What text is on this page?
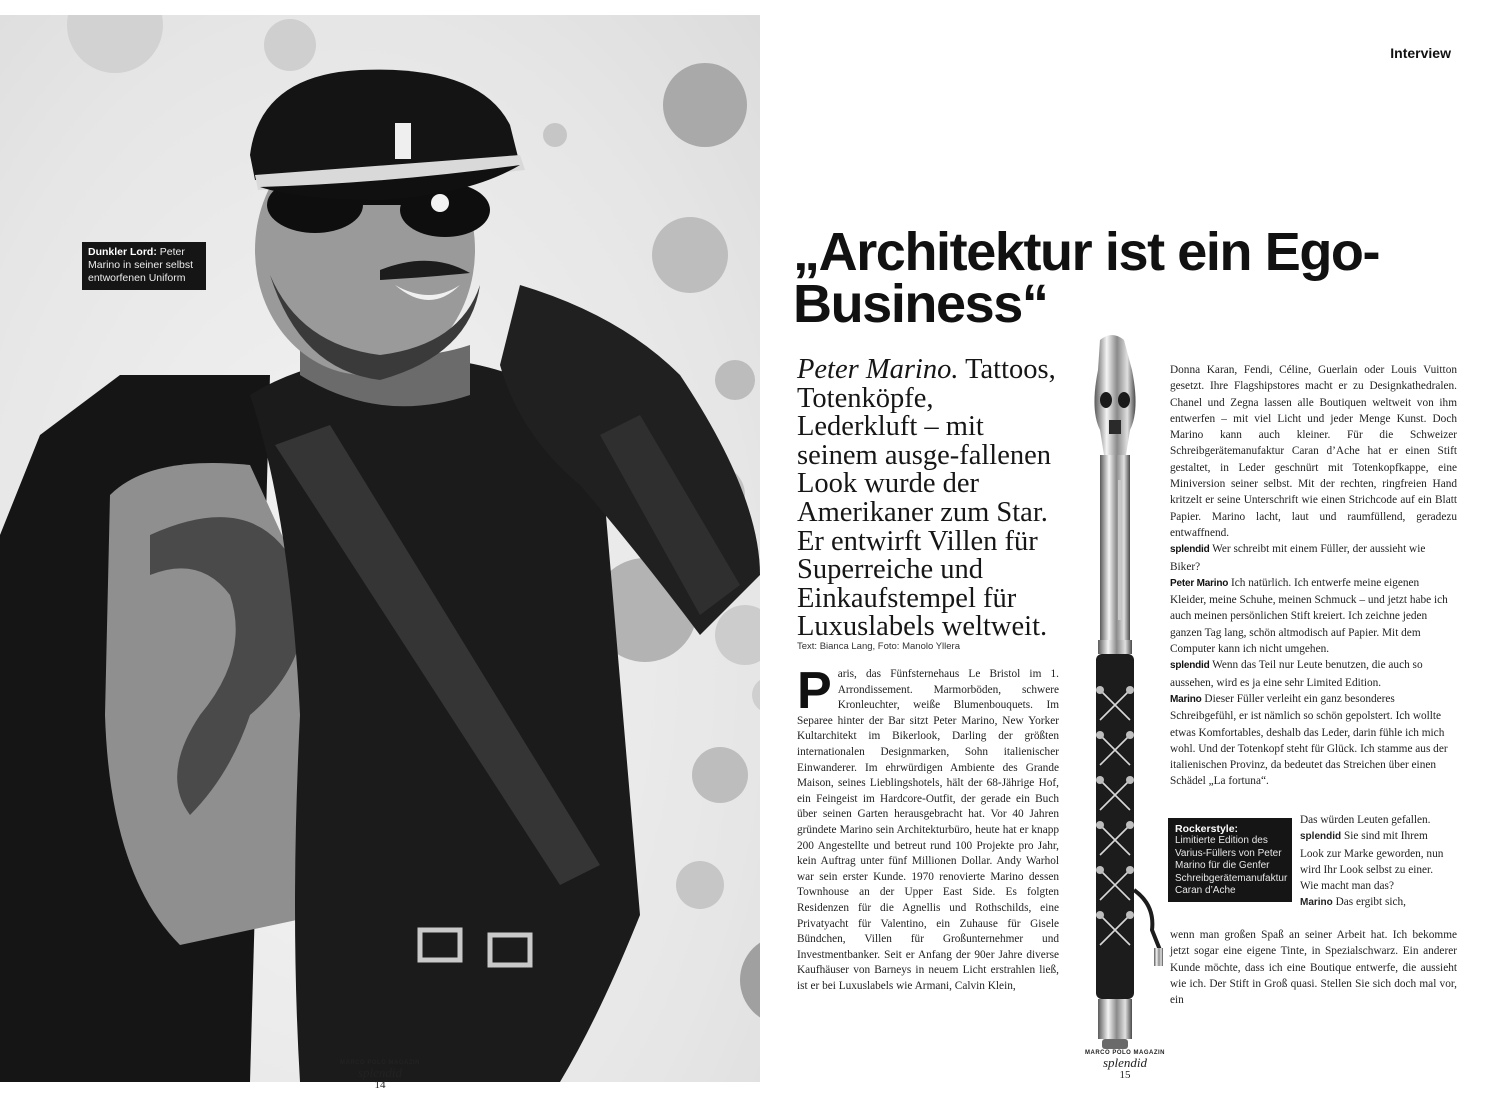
Dunkler Lord: Peter Marino in seiner selbst entworfenen Uniform
MARCO POLO MAGAZIN
splendid
14
Interview
„Architektur ist ein Ego-Business“

Peter Marino. Tattoos, Totenköpfe, Lederkluft – mit seinem ausge-fallenen Look wurde der Amerikaner zum Star. Er entwirft Villen für Superreiche und Einkaufstempel für Luxuslabels weltweit.

Text: Bianca Lang, Foto: Manolo Yllera

Paris, das Fünfsternehaus Le Bristol im 1. Arrondissement. Marmorböden, schwere Kronleuchter, weiße Blumenbouquets. Im Separee hinter der Bar sitzt Peter Marino, New Yorker Kultarchitekt im Bikerlook, Darling der größten internationalen Designmarken, Sohn italienischer Einwanderer. Im ehrwürdigen Ambiente des Grande Maison, seines Lieblingshotels, hält der 68-Jährige Hof, ein Feingeist im Hardcore-Outfit, der gerade ein Buch über seinen Garten herausgebracht hat. Vor 40 Jahren gründete Marino sein Architekturbüro, heute hat er knapp 200 Angestellte und betreut rund 100 Projekte pro Jahr, kein Auftrag unter fünf Millionen Dollar. Andy Warhol war sein erster Kunde. 1970 renovierte Marino dessen Townhouse an der Upper East Side. Es folgten Residenzen für die Agnellis und Rothschilds, eine Privatyacht für Valentino, ein Zuhause für Gisele Bündchen, Villen für Großunternehmer und Investmentbanker. Seit er Anfang der 90er Jahre diverse Kaufhäuser von Barneys in neuem Licht erstrahlen ließ, ist er bei Luxuslabels wie Armani, Calvin Klein,

Donna Karan, Fendi, Céline, Guerlain oder Louis Vuitton gesetzt. Ihre Flagshipstores macht er zu Designkathedralen. Chanel und Zegna lassen alle Boutiquen weltweit von ihm entwerfen – mit viel Licht und jeder Menge Kunst. Doch Marino kann auch kleiner. Für die Schweizer Schreibgerätemanufaktur Caran d’Ache hat er einen Stift gestaltet, in Leder geschnürt mit Totenkopfkappe, eine Miniversion seiner selbst. Mit der rechten, ringfreien Hand kritzelt er seine Unterschrift wie einen Strichcode auf ein Blatt Papier. Marino lacht, laut und raumfüllend, geradezu entwaffnend.

splendid Wer schreibt mit einem Füller, der aussieht wie Biker?

Peter Marino Ich natürlich. Ich entwerfe meine eigenen Kleider, meine Schuhe, meinen Schmuck – und jetzt habe ich auch meinen persönlichen Stift kreiert. Ich zeichne jeden ganzen Tag lang, schön altmodisch auf Papier. Mit dem Computer kann ich nicht umgehen.

splendid Wenn das Teil nur Leute benutzen, die auch so aussehen, wird es ja eine sehr Limited Edition.

Marino Dieser Füller verleiht ein ganz besonderes Schreibgefühl, er ist nämlich so schön gepolstert. Ich wollte etwas Komfortables, deshalb das Leder, darin fühle ich mich wohl. Und der Totenkopf steht für Glück. Ich stamme aus der italienischen Provinz, da bedeutet das Streichen über einen Schädel „La fortuna“.

Rockerstyle:
Limitierte Edition des Varius-Füllers von Peter Marino für die Genfer Schreibgerätemanufaktur Caran d’Ache

Das würden Leuten gefallen.

splendid Sie sind mit Ihrem Look zur Marke geworden, nun wird Ihr Look selbst zu einer. Wie macht man das?

Marino Das ergibt sich,

wenn man großen Spaß an seiner Arbeit hat. Ich bekomme jetzt sogar eine eigene Tinte, in Spezialschwarz. Ein anderer Kunde möchte, dass ich eine Boutique entwerfe, die aussieht wie ich. Der Stift in Groß quasi. Stellen Sie sich doch mal vor, ein

MARCO POLO MAGAZIN
splendid
15
